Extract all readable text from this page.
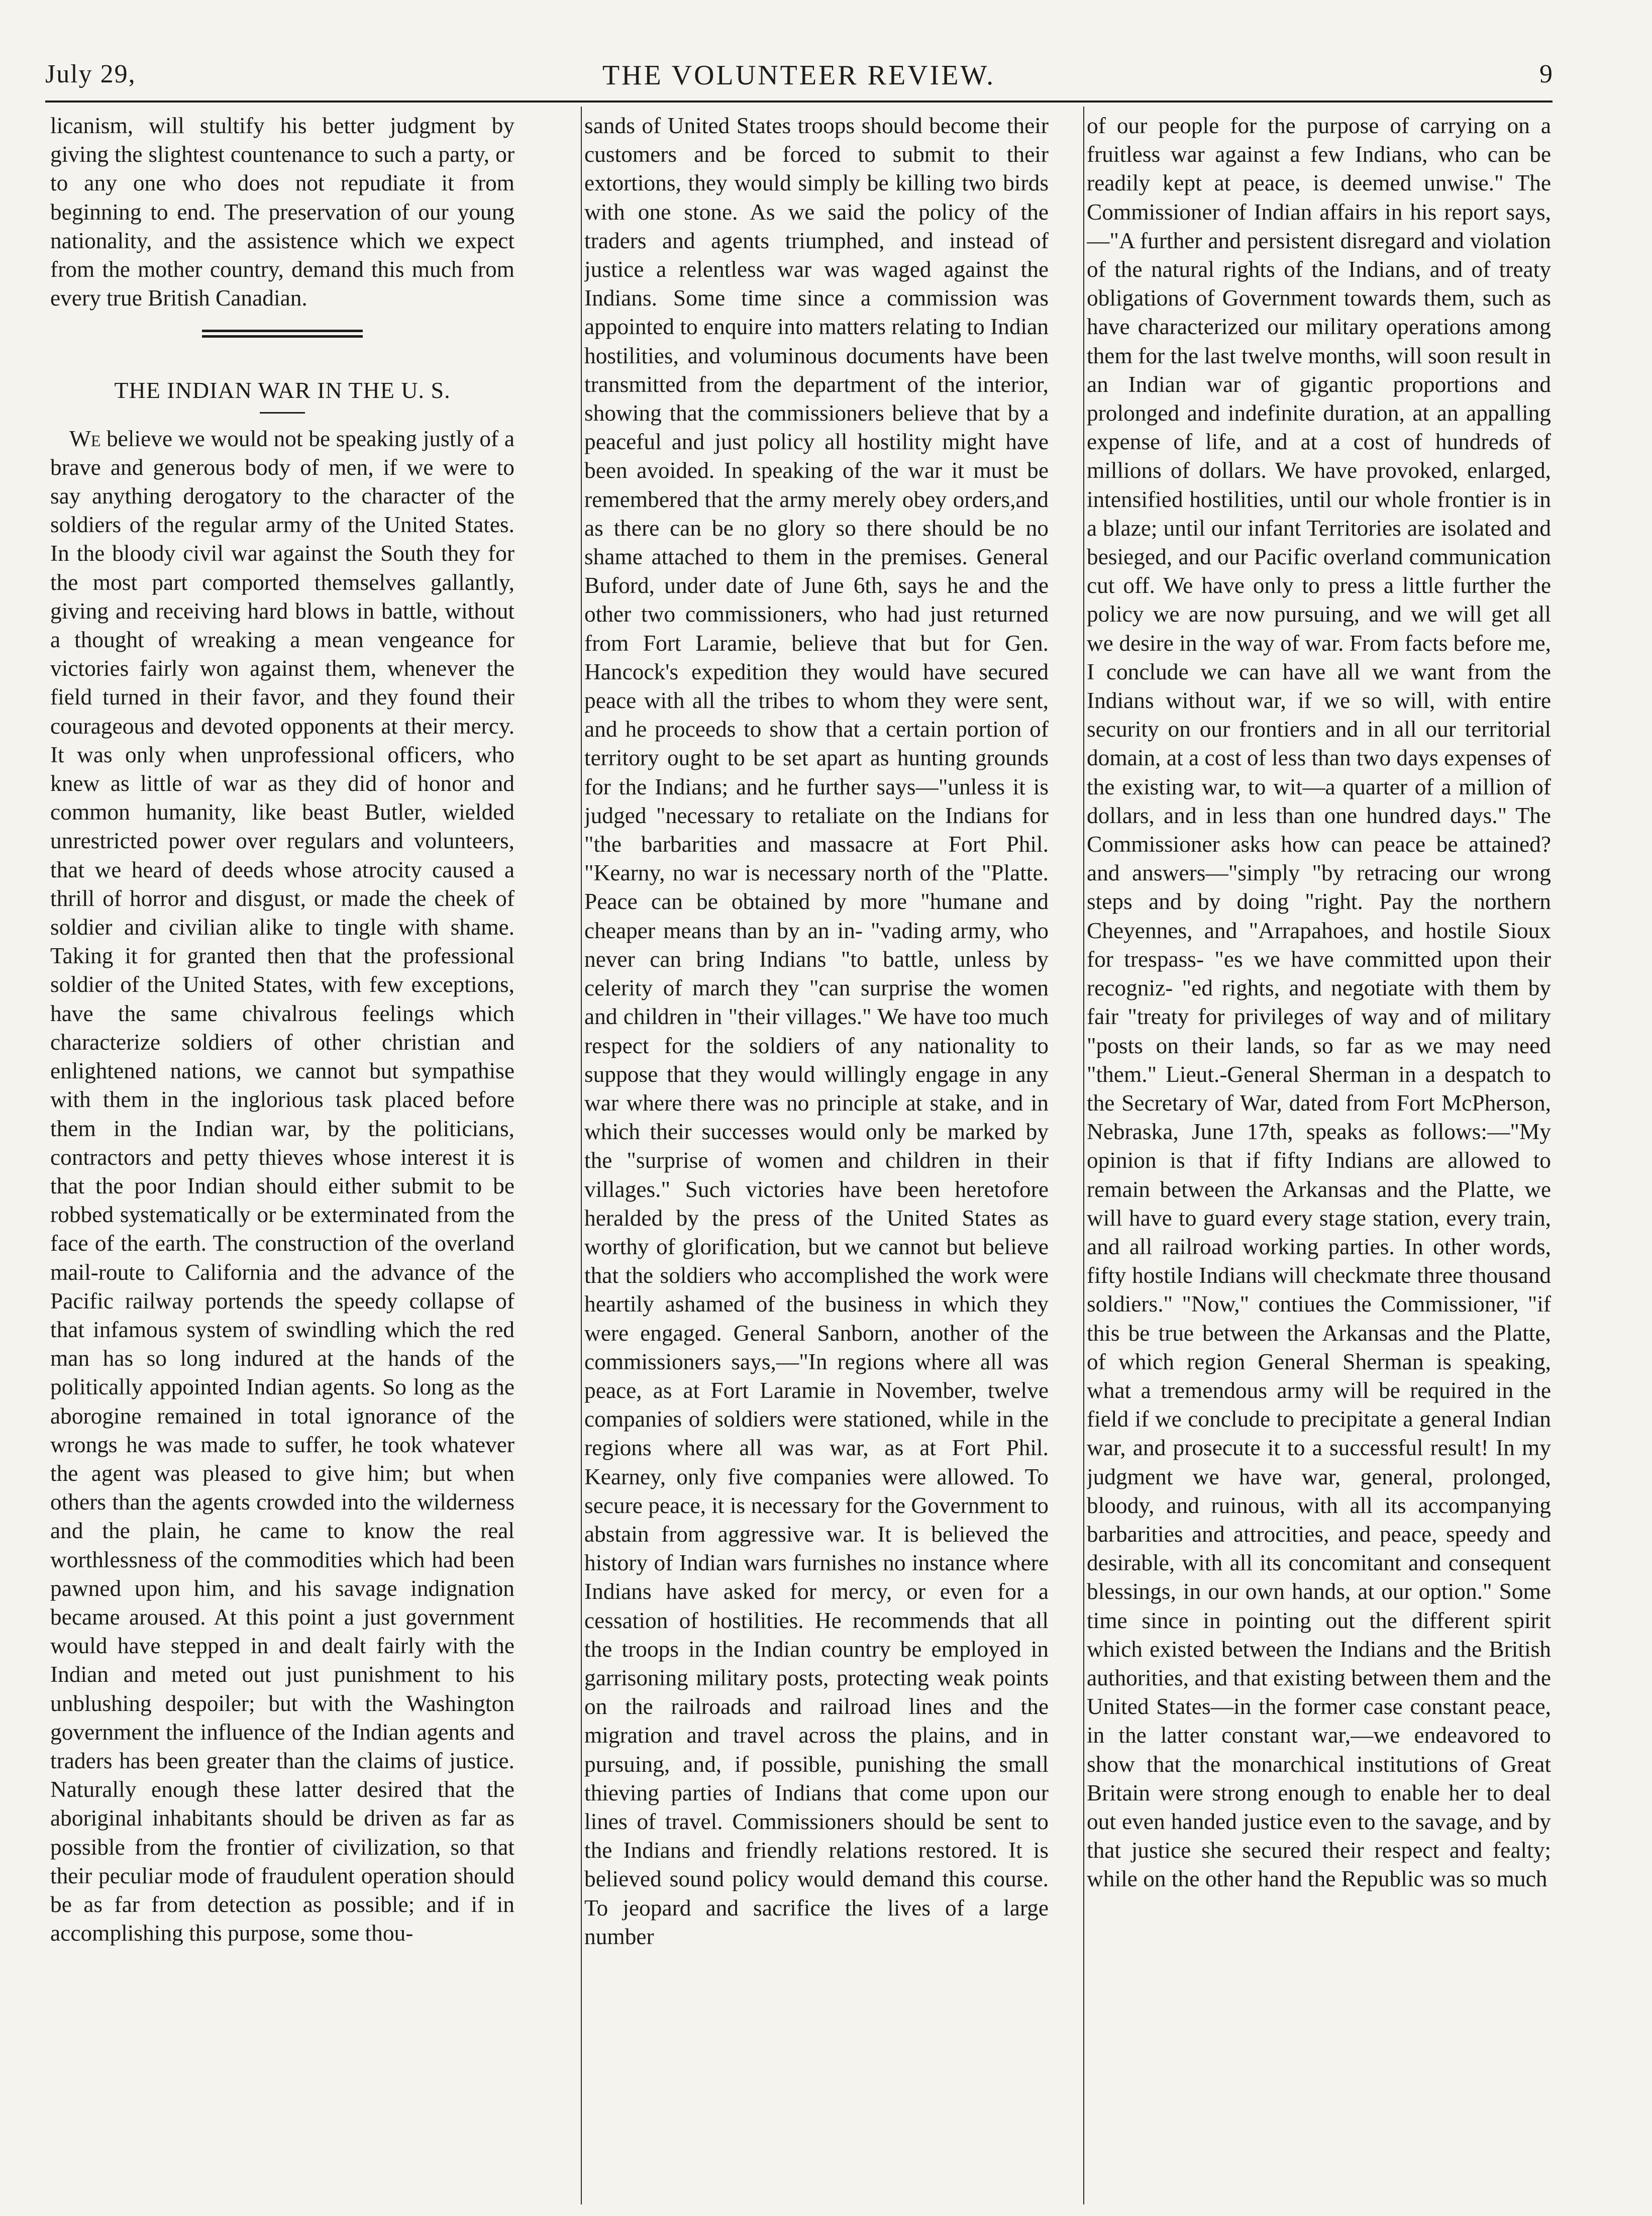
July 29,	THE VOLUNTEER REVIEW.	9

licanism, will stultify his better judgment by giving the slightest countenance to such a party, or to any one who does not repudiate it from beginning to end. The preservation of our young nationality, and the assistence which we expect from the mother country, demand this much from every true British Canadian.

THE INDIAN WAR IN THE U. S.

We believe we would not be speaking justly of a brave and generous body of men, if we were to say anything derogatory to the character of the soldiers of the regular army of the United States. In the bloody civil war against the South they for the most part comported themselves gallantly, giving and receiving hard blows in battle, without a thought of wreaking a mean vengeance for victories fairly won against them, whenever the field turned in their favor, and they found their courageous and devoted opponents at their mercy. It was only when unprofessional officers, who knew as little of war as they did of honor and common humanity, like beast Butler, wielded unrestricted power over regulars and volunteers, that we heard of deeds whose atrocity caused a thrill of horror and disgust, or made the cheek of soldier and civilian alike to tingle with shame. Taking it for granted then that the professional soldier of the United States, with few exceptions, have the same chivalrous feelings which characterize soldiers of other christian and enlightened nations, we cannot but sympathise with them in the inglorious task placed before them in the Indian war, by the politicians, contractors and petty thieves whose interest it is that the poor Indian should either submit to be robbed systematically or be exterminated from the face of the earth. The construction of the overland mail-route to California and the advance of the Pacific railway portends the speedy collapse of that infamous system of swindling which the red man has so long indured at the hands of the politically appointed Indian agents. So long as the aborogine remained in total ignorance of the wrongs he was made to suffer, he took whatever the agent was pleased to give him; but when others than the agents crowded into the wilderness and the plain, he came to know the real worthlessness of the commodities which had been pawned upon him, and his savage indignation became aroused. At this point a just government would have stepped in and dealt fairly with the Indian and meted out just punishment to his unblushing despoiler; but with the Washington government the influence of the Indian agents and traders has been greater than the claims of justice. Naturally enough these latter desired that the aboriginal inhabitants should be driven as far as possible from the frontier of civilization, so that their peculiar mode of fraudulent operation should be as far from detection as possible; and if in accomplishing this purpose, some thou-

sands of United States troops should become their customers and be forced to submit to their extortions, they would simply be killing two birds with one stone. As we said the policy of the traders and agents triumphed, and instead of justice a relentless war was waged against the Indians. Some time since a commission was appointed to enquire into matters relating to Indian hostilities, and voluminous documents have been transmitted from the department of the interior, showing that the commissioners believe that by a peaceful and just policy all hostility might have been avoided. In speaking of the war it must be remembered that the army merely obey orders,and as there can be no glory so there should be no shame attached to them in the premises. General Buford, under date of June 6th, says he and the other two commissioners, who had just returned from Fort Laramie, believe that but for Gen. Hancock's expedition they would have secured peace with all the tribes to whom they were sent, and he proceeds to show that a certain portion of territory ought to be set apart as hunting grounds for the Indians; and he further says—"unless it is judged "necessary to retaliate on the Indians for "the barbarities and massacre at Fort Phil. "Kearny, no war is necessary north of the "Platte. Peace can be obtained by more "humane and cheaper means than by an in- "vading army, who never can bring Indians "to battle, unless by celerity of march they "can surprise the women and children in "their villages." We have too much respect for the soldiers of any nationality to suppose that they would willingly engage in any war where there was no principle at stake, and in which their successes would only be marked by the "surprise of women and children in their villages." Such victories have been heretofore heralded by the press of the United States as worthy of glorification, but we cannot but believe that the soldiers who accomplished the work were heartily ashamed of the business in which they were engaged. General Sanborn, another of the commissioners says,—"In regions where all was peace, as at Fort Laramie in November, twelve companies of soldiers were stationed, while in the regions where all was war, as at Fort Phil. Kearney, only five companies were allowed. To secure peace, it is necessary for the Government to abstain from aggressive war. It is believed the history of Indian wars furnishes no instance where Indians have asked for mercy, or even for a cessation of hostilities. He recommends that all the troops in the Indian country be employed in garrisoning military posts, protecting weak points on the railroads and railroad lines and the migration and travel across the plains, and in pursuing, and, if possible, punishing the small thieving parties of Indians that come upon our lines of travel. Commissioners should be sent to the Indians and friendly relations restored. It is believed sound policy would demand this course. To jeopard and sacrifice the lives of a large number

of our people for the purpose of carrying on a fruitless war against a few Indians, who can be readily kept at peace, is deemed unwise." The Commissioner of Indian affairs in his report says,—"A further and persistent disregard and violation of the natural rights of the Indians, and of treaty obligations of Government towards them, such as have characterized our military operations among them for the last twelve months, will soon result in an Indian war of gigantic proportions and prolonged and indefinite duration, at an appalling expense of life, and at a cost of hundreds of millions of dollars. We have provoked, enlarged, intensified hostilities, until our whole frontier is in a blaze; until our infant Territories are isolated and besieged, and our Pacific overland communication cut off. We have only to press a little further the policy we are now pursuing, and we will get all we desire in the way of war. From facts before me, I conclude we can have all we want from the Indians without war, if we so will, with entire security on our frontiers and in all our territorial domain, at a cost of less than two days expenses of the existing war, to wit—a quarter of a million of dollars, and in less than one hundred days." The Commissioner asks how can peace be attained? and answers—"simply "by retracing our wrong steps and by doing "right. Pay the northern Cheyennes, and "Arrapahoes, and hostile Sioux for trespass- "es we have committed upon their recogniz- "ed rights, and negotiate with them by fair "treaty for privileges of way and of military "posts on their lands, so far as we may need "them." Lieut.-General Sherman in a despatch to the Secretary of War, dated from Fort McPherson, Nebraska, June 17th, speaks as follows:—"My opinion is that if fifty Indians are allowed to remain between the Arkansas and the Platte, we will have to guard every stage station, every train, and all railroad working parties. In other words, fifty hostile Indians will checkmate three thousand soldiers." "Now," contiues the Commissioner, "if this be true between the Arkansas and the Platte, of which region General Sherman is speaking, what a tremendous army will be required in the field if we conclude to precipitate a general Indian war, and prosecute it to a successful result! In my judgment we have war, general, prolonged, bloody, and ruinous, with all its accompanying barbarities and attrocities, and peace, speedy and desirable, with all its concomitant and consequent blessings, in our own hands, at our option." Some time since in pointing out the different spirit which existed between the Indians and the British authorities, and that existing between them and the United States—in the former case constant peace, in the latter constant war,—we endeavored to show that the monarchical institutions of Great Britain were strong enough to enable her to deal out even handed justice even to the savage, and by that justice she secured their respect and fealty; while on the other hand the Republic was so much
